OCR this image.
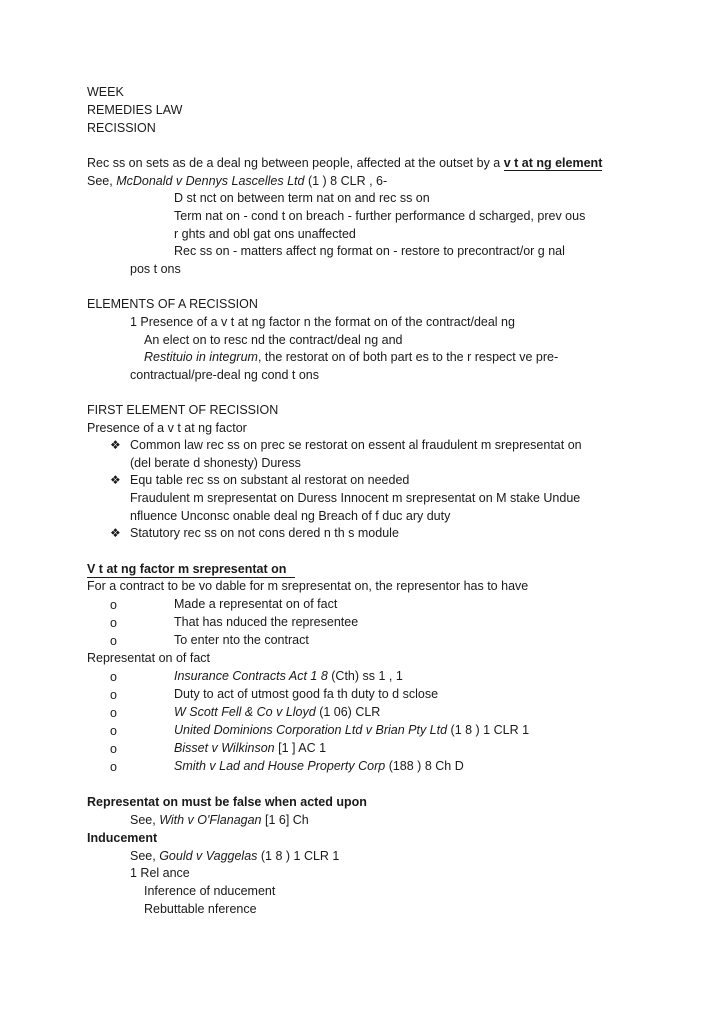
WEEK
REMEDIES LAW
RECISSION
Rec ss on sets as de a deal ng between people, affected at the outset by a v t at ng element
See, McDonald v Dennys Lascelles Ltd (1 ) 8 CLR , 6-
D st nct on between term nat on and rec ss on
Term nat on - cond t on breach - further performance d scharged, prev ous
r ghts and obl gat ons unaffected
Rec ss on - matters affect ng format on - restore to precontract/or g nal
pos t ons
ELEMENTS OF A RECISSION
1 Presence of a v t at ng factor n the format on of the contract/deal ng
An elect on to resc nd the contract/deal ng and
Restituio in integrum, the restorat on of both part es to the r respect ve pre-
contractual/pre-deal ng cond t ons
FIRST ELEMENT OF RECISSION
Presence of a v t at ng factor
❖ Common law rec ss on prec se restorat on essent al fraudulent m srepresentat on
(del berate d shonesty) Duress
❖ Equ table rec ss on substant al restorat on needed
Fraudulent m srepresentat on Duress Innocent m srepresentat on M stake Undue
nfluence Unconsc onable deal ng Breach of f duc ary duty
❖ Statutory rec ss on not cons dered n th s module
V t at ng factor m srepresentat on
For a contract to be vo dable for m srepresentat on, the representor has to have
o	Made a representat on of fact
o	That has nduced the representee
o	To enter nto the contract
Representat on of fact
o	Insurance Contracts Act 1 8 (Cth) ss 1 , 1
o	Duty to act of utmost good fa th duty to d sclose
o	W Scott Fell & Co v Lloyd (1 06) CLR
o	United Dominions Corporation Ltd v Brian Pty Ltd (1 8 ) 1 CLR 1
o	Bisset v Wilkinson [1 ] AC 1
o	Smith v Lad and House Property Corp (188 ) 8 Ch D
Representat on must be false when acted upon
See, With v O'Flanagan [1 6] Ch
Inducement
See, Gould v Vaggelas (1 8 ) 1 CLR 1
1 Rel ance
Inference of nducement
Rebuttable nference
